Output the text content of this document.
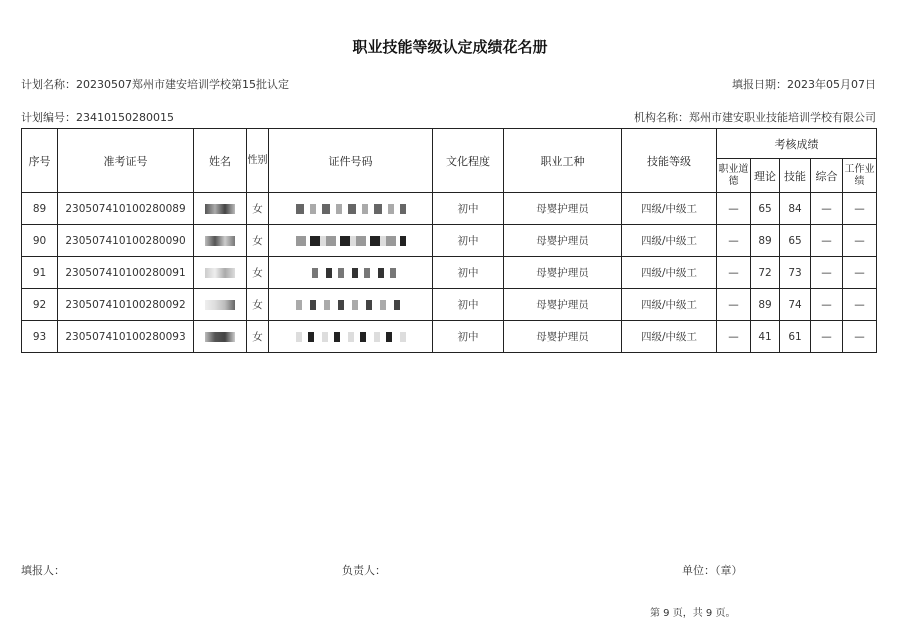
职业技能等级认定成绩花名册
计划名称：20230507郑州市建安培训学校第15批认定	填报日期：2023年05月07日
计划编号：23410150280015	机构名称：郑州市建安职业技能培训学校有限公司
序号	准考证号	姓名	性别	证件号码	文化程度	职业工种	技能等级	考核成绩				
								职业道德	理论	技能	综合	工作业绩
89	230507410100280089		女		初中	母婴护理员	四级/中级工	—	65	84	—	—
90	230507410100280090		女		初中	母婴护理员	四级/中级工	—	89	65	—	—
91	230507410100280091		女		初中	母婴护理员	四级/中级工	—	72	73	—	—
92	230507410100280092		女		初中	母婴护理员	四级/中级工	—	89	74	—	—
93	230507410100280093		女		初中	母婴护理员	四级/中级工	—	41	61	—	—
填报人：	负责人：	单位：（章）
第 9 页，共 9 页。
